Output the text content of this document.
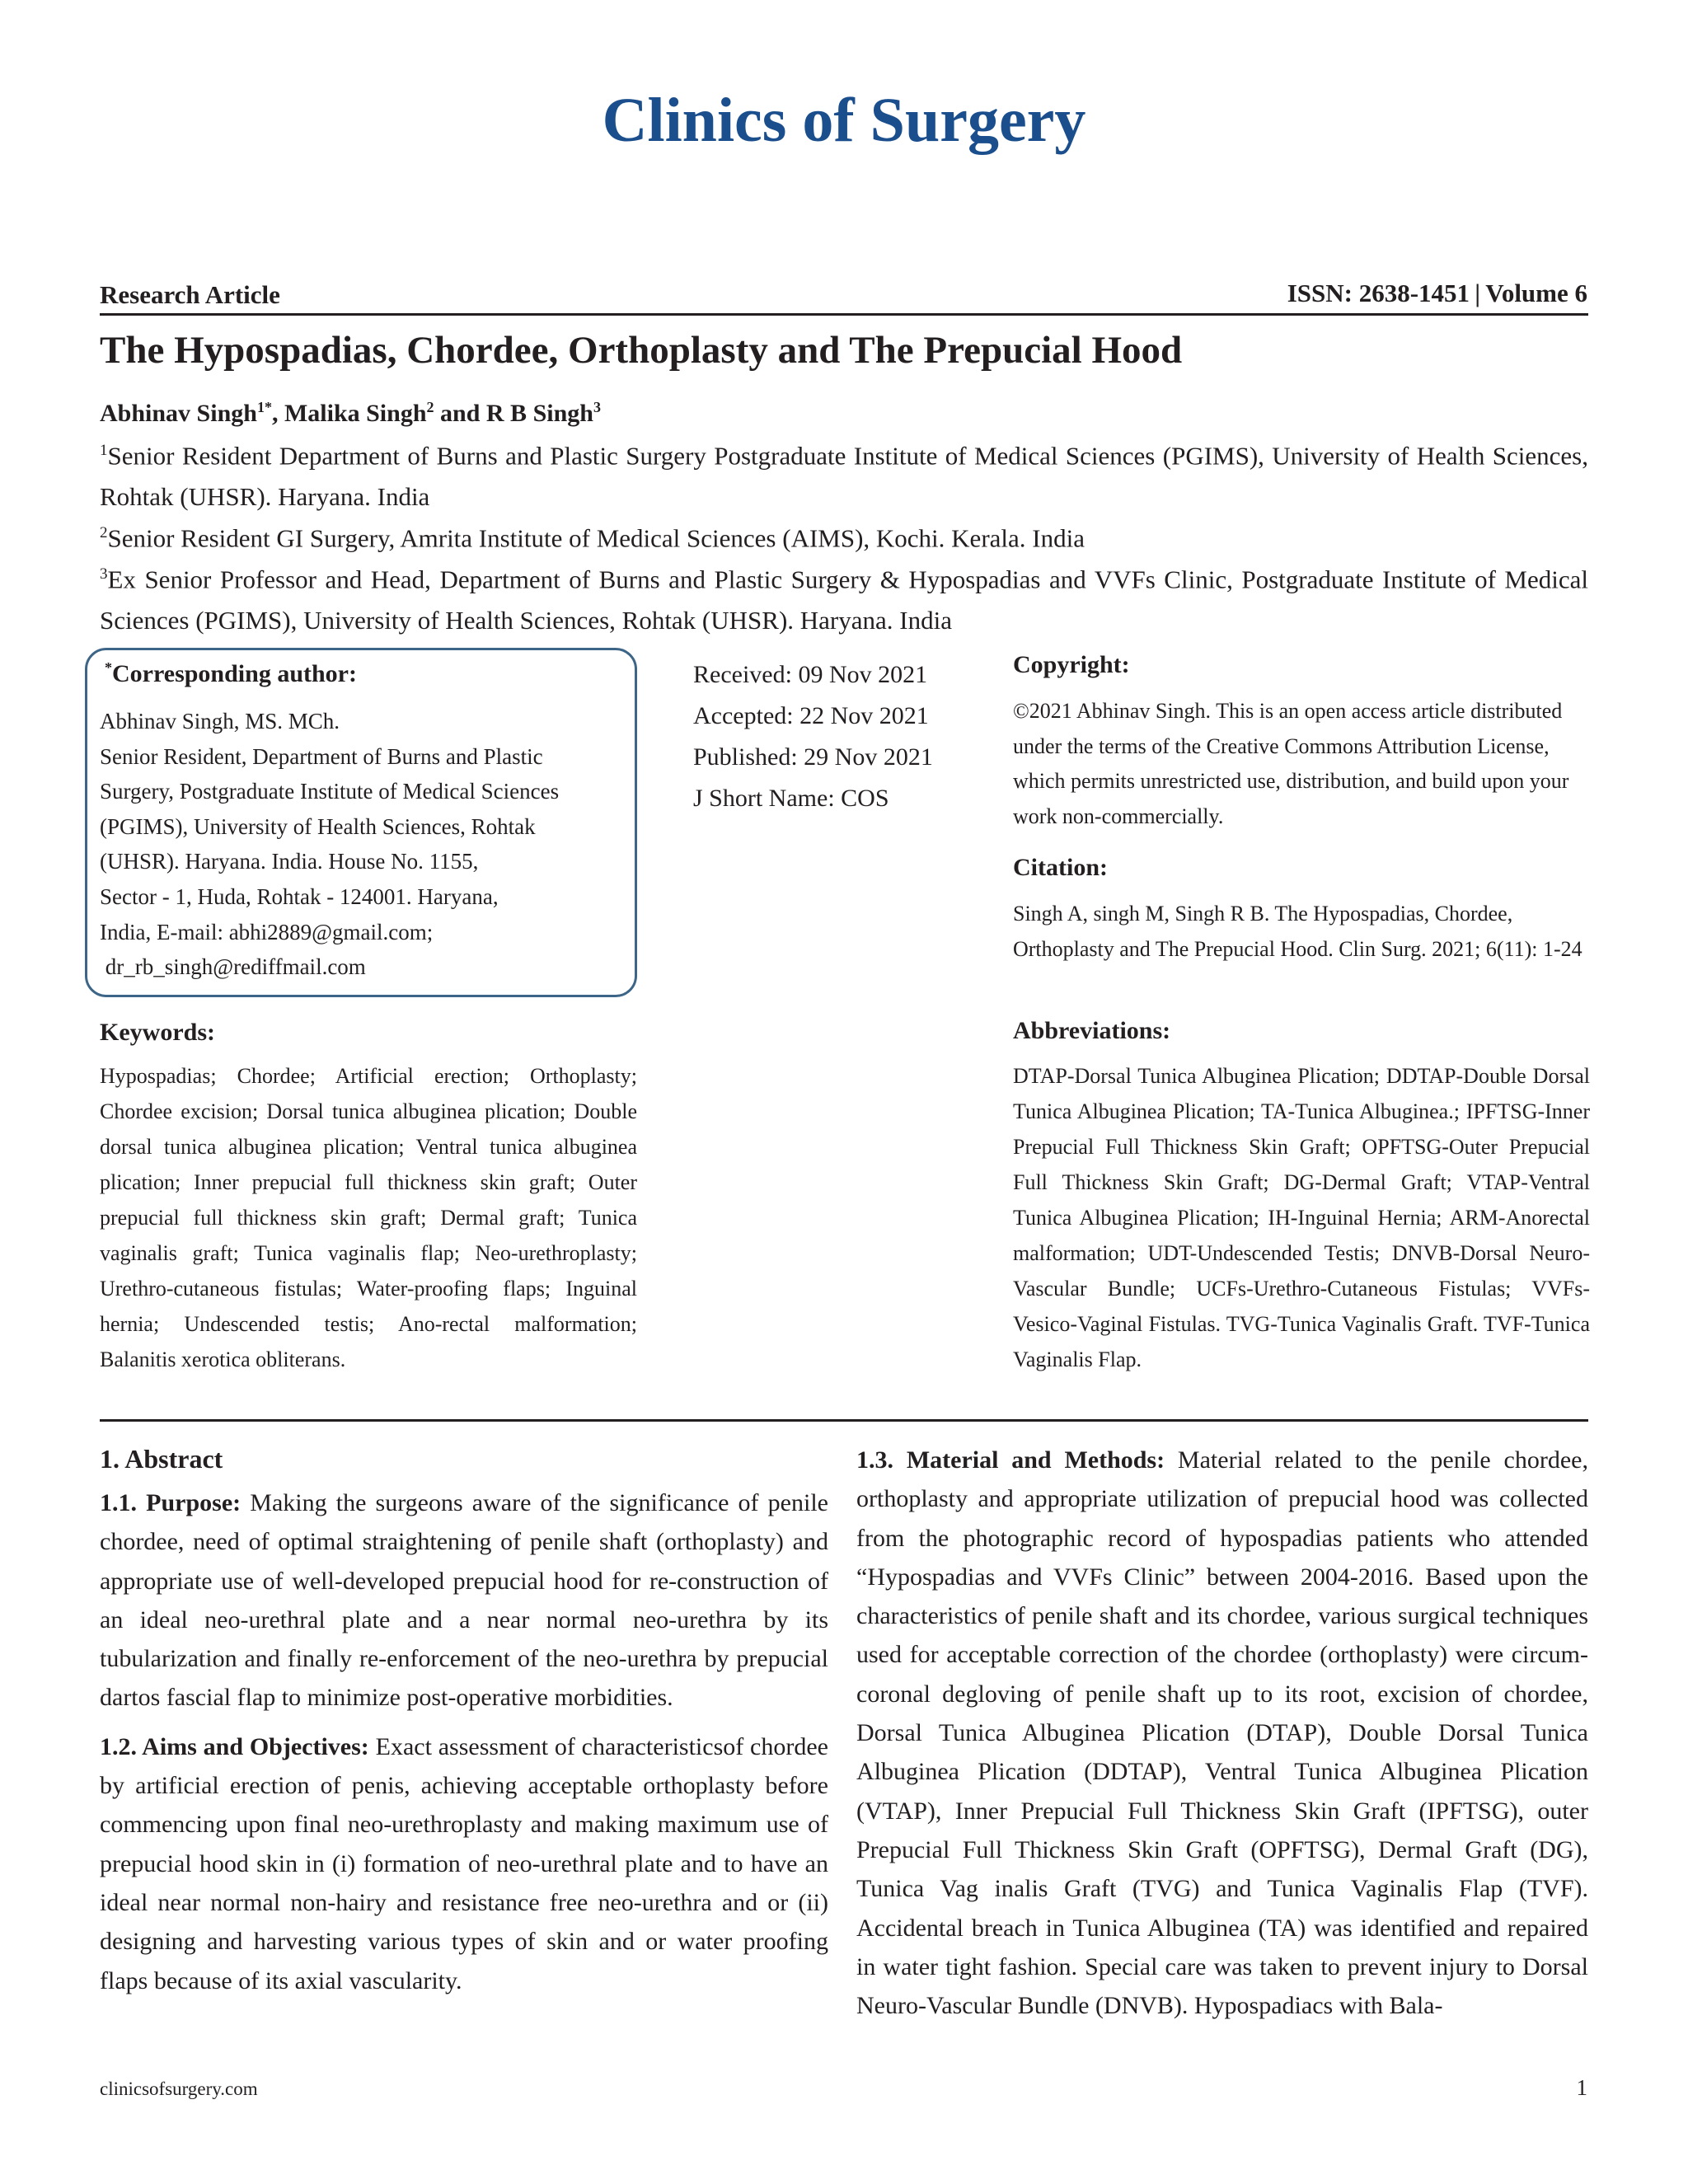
Clinics of Surgery
Research Article	ISSN: 2638-1451 | Volume 6
The Hypospadias, Chordee, Orthoplasty and The Prepucial Hood
Abhinav Singh$^{1*}$, Malika Singh$^2$ and R B Singh$^3$
$^1$Senior Resident Department of Burns and Plastic Surgery Postgraduate Institute of Medical Sciences (PGIMS), University of Health Sciences, Rohtak (UHSR). Haryana. India
$^2$Senior Resident GI Surgery, Amrita Institute of Medical Sciences (AIMS), Kochi. Kerala. India
$^3$Ex Senior Professor and Head, Department of Burns and Plastic Surgery & Hypospadias and VVFs Clinic, Postgraduate Institute of Medical Sciences (PGIMS), University of Health Sciences, Rohtak (UHSR). Haryana. India
*Corresponding author:
Abhinav Singh, MS. MCh.
Senior Resident, Department of Burns and Plastic
Surgery, Postgraduate Institute of Medical Sciences
(PGIMS), University of Health Sciences, Rohtak
(UHSR). Haryana. India. House No. 1155,
Sector - 1, Huda, Rohtak - 124001. Haryana,
India, E-mail: abhi2889@gmail.com;
dr_rb_singh@rediffmail.com
Received: 09 Nov 2021
Accepted: 22 Nov 2021
Published: 29 Nov 2021
J Short Name: COS
Copyright:
©2021 Abhinav Singh. This is an open access article distributed under the terms of the Creative Commons Attribution License, which permits unrestricted use, distribution, and build upon your work non-commercially.
Citation:
Singh A, singh M, Singh R B. The Hypospadias, Chordee, Orthoplasty and The Prepucial Hood. Clin Surg. 2021; 6(11): 1-24
Keywords:
Hypospadias; Chordee; Artificial erection; Orthoplasty; Chordee excision; Dorsal tunica albuginea plication; Double dorsal tunica albuginea plication; Ventral tunica albuginea plication; Inner prepucial full thickness skin graft; Outer prepucial full thickness skin graft; Dermal graft; Tunica vaginalis graft; Tunica vaginalis flap; Neo-urethroplasty; Urethro-cutaneous fistulas; Water-proofing flaps; Inguinal hernia; Undescended testis; Ano-rectal malformation; Balanitis xerotica obliterans.
Abbreviations:
DTAP-Dorsal Tunica Albuginea Plication; DDTAP-Double Dorsal Tunica Albuginea Plication; TA-Tunica Albuginea.; IPFTSG-Inner Prepucial Full Thickness Skin Graft; OPFTSG-Outer Prepucial Full Thickness Skin Graft; DG-Dermal Graft; VTAP-Ventral Tunica Albuginea Plication; IH-Inguinal Hernia; ARM-Anorectal malformation; UDT-Undescended Testis; DNVB-Dorsal Neuro-Vascular Bundle; UCFs-Urethro-Cutaneous Fistulas; VVFs-Vesico-Vaginal Fistulas. TVG-Tunica Vaginalis Graft. TVF-Tunica Vaginalis Flap.
1. Abstract

1.1. Purpose: Making the surgeons aware of the significance of penile chordee, need of optimal straightening of penile shaft (orthoplasty) and appropriate use of well-developed prepucial hood for re-construction of an ideal neo-urethral plate and a near normal neo-urethra by its tubularization and finally re-enforcement of the neo-urethra by prepucial dartos fascial flap to minimize post-operative morbidities.

1.2. Aims and Objectives: Exact assessment of characteristicsof chordee by artificial erection of penis, achieving acceptable orthoplasty before commencing upon final neo-urethroplasty and making maximum use of prepucial hood skin in (i) formation of neo-urethral plate and to have an ideal near normal non-hairy and resistance free neo-urethra and or (ii) designing and harvesting various types of skin and or water proofing flaps because of its axial vascularity.

1.3. Material and Methods: Material related to the penile chordee, orthoplasty and appropriate utilization of prepucial hood was collected from the photographic record of hypospadias patients who attended “Hypospadias and VVFs Clinic” between 2004-2016. Based upon the characteristics of penile shaft and its chordee, various surgical techniques used for acceptable correction of the chordee (orthoplasty) were circum-coronal degloving of penile shaft up to its root, excision of chordee, Dorsal Tunica Albuginea Plication (DTAP), Double Dorsal Tunica Albuginea Plication (DDTAP), Ventral Tunica Albuginea Plication (VTAP), Inner Prepucial Full Thickness Skin Graft (IPFTSG), outer Prepucial Full Thickness Skin Graft (OPFTSG), Dermal Graft (DG), Tunica Vag inalis Graft (TVG) and Tunica Vaginalis Flap (TVF). Accidental breach in Tunica Albuginea (TA) was identified and repaired in water tight fashion. Special care was taken to prevent injury to Dorsal Neuro-Vascular Bundle (DNVB). Hypospadiacs with Bala-

clinicsofsurgery.com	1
